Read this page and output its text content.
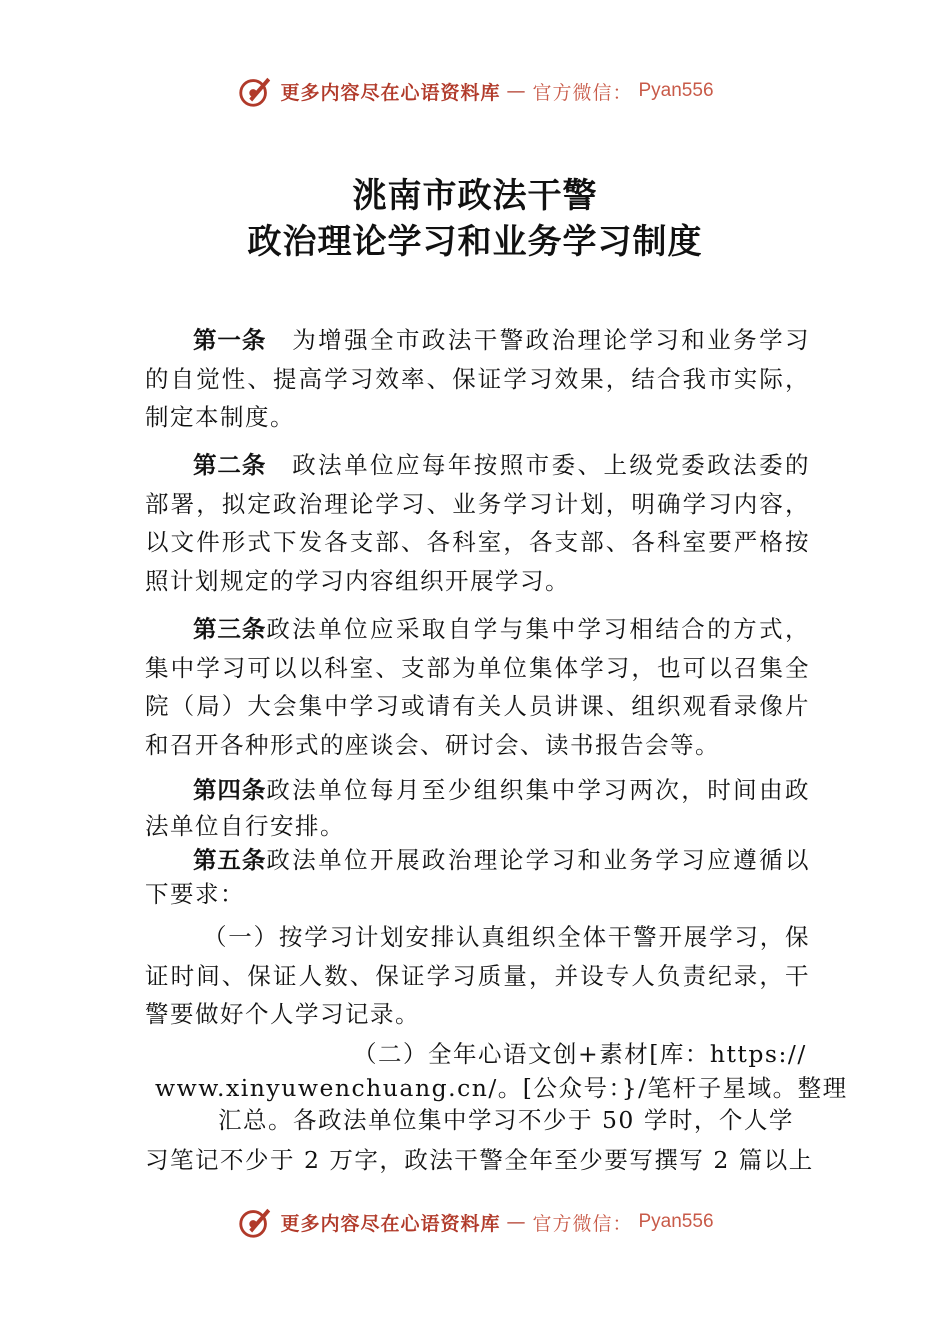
更多内容尽在心语资料库 — 官方微信： Pyan556
洮南市政法干警
政治理论学习和业务学习制度

第一条　为增强全市政法干警政治理论学习和业务学习的自觉性、提高学习效率、保证学习效果，结合我市实际，制定本制度。

第二条　政法单位应每年按照市委、上级党委政法委的部署，拟定政治理论学习、业务学习计划，明确学习内容，以文件形式下发各支部、各科室，各支部、各科室要严格按照计划规定的学习内容组织开展学习。

第三条政法单位应采取自学与集中学习相结合的方式，集中学习可以以科室、支部为单位集体学习，也可以召集全院（局）大会集中学习或请有关人员讲课、组织观看录像片和召开各种形式的座谈会、研讨会、读书报告会等。

第四条政法单位每月至少组织集中学习两次，时间由政法单位自行安排。

第五条政法单位开展政治理论学习和业务学习应遵循以下要求：

（一）按学习计划安排认真组织全体干警开展学习，保证时间、保证人数、保证学习质量，并设专人负责纪录，干警要做好个人学习记录。

（二）全年心语文创+素材[库：https://
www.xinyuwenchuang.cn/。[公众号：}/笔杆子星域。整理
汇总。各政法单位集中学习不少于 50 学时，个人学
习笔记不少于 2 万字，政法干警全年至少要写撰写 2 篇以上
更多内容尽在心语资料库 — 官方微信： Pyan556
